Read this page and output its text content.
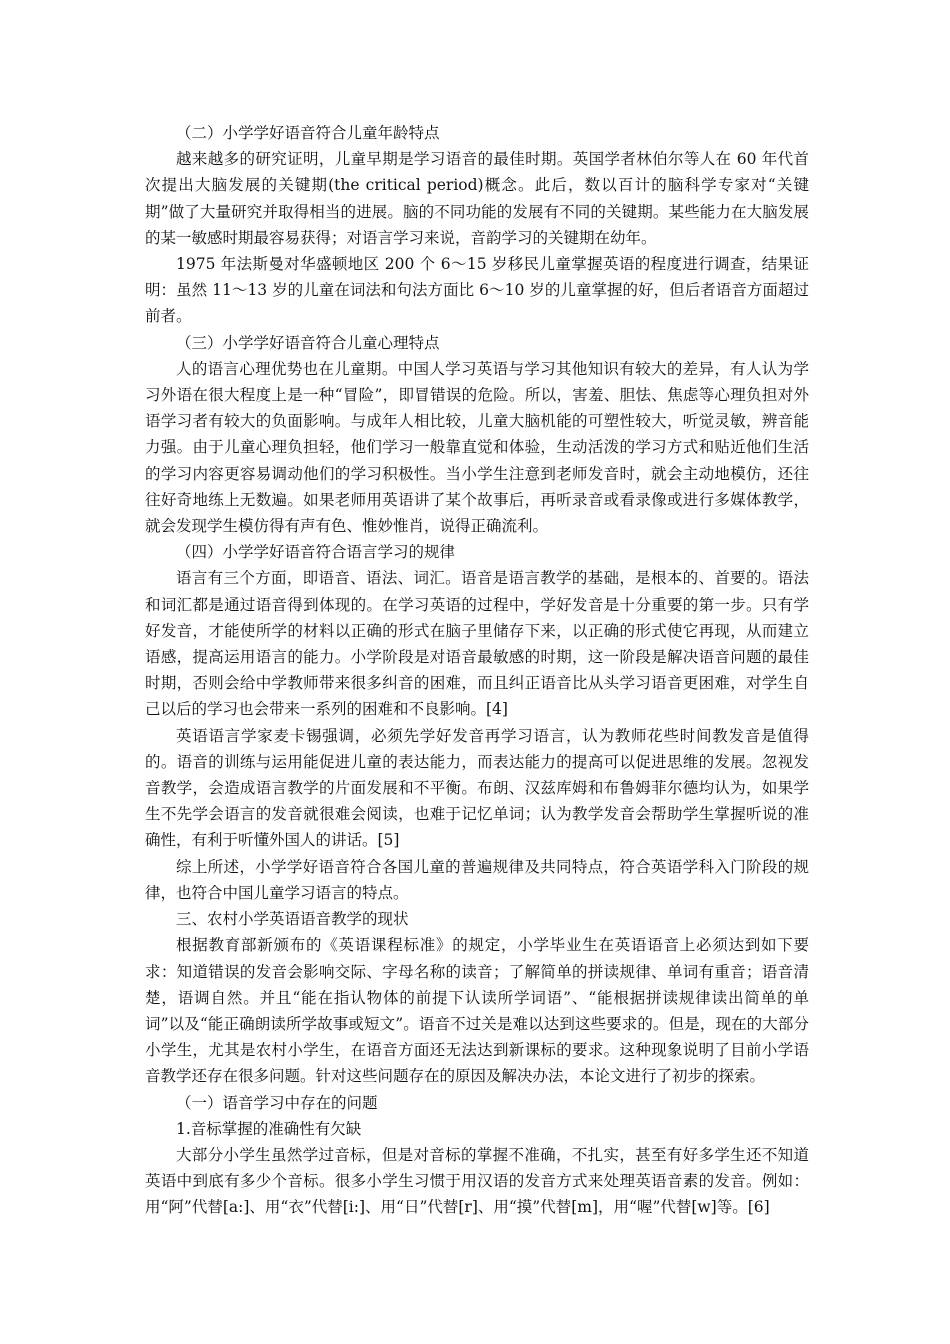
（二）小学学好语音符合儿童年龄特点

越来越多的研究证明，儿童早期是学习语音的最佳时期。英国学者林伯尔等人在 60 年代首次提出大脑发展的关键期(the critical period)概念。此后，数以百计的脑科学专家对“关键期”做了大量研究并取得相当的进展。脑的不同功能的发展有不同的关键期。某些能力在大脑发展的某一敏感时期最容易获得；对语言学习来说，音韵学习的关键期在幼年。

1975 年法斯曼对华盛顿地区 200 个 6～15 岁移民儿童掌握英语的程度进行调查，结果证明：虽然 11～13 岁的儿童在词法和句法方面比 6～10 岁的儿童掌握的好，但后者语音方面超过前者。

（三）小学学好语音符合儿童心理特点

人的语言心理优势也在儿童期。中国人学习英语与学习其他知识有较大的差异，有人认为学习外语在很大程度上是一种“冒险”，即冒错误的危险。所以，害羞、胆怯、焦虑等心理负担对外语学习者有较大的负面影响。与成年人相比较，儿童大脑机能的可塑性较大，听觉灵敏，辨音能力强。由于儿童心理负担轻，他们学习一般靠直觉和体验，生动活泼的学习方式和贴近他们生活的学习内容更容易调动他们的学习积极性。当小学生注意到老师发音时，就会主动地模仿，还往往好奇地练上无数遍。如果老师用英语讲了某个故事后，再听录音或看录像或进行多媒体教学，就会发现学生模仿得有声有色、惟妙惟肖，说得正确流利。

（四）小学学好语音符合语言学习的规律

语言有三个方面，即语音、语法、词汇。语音是语言教学的基础，是根本的、首要的。语法和词汇都是通过语音得到体现的。在学习英语的过程中，学好发音是十分重要的第一步。只有学好发音，才能使所学的材料以正确的形式在脑子里储存下来，以正确的形式使它再现，从而建立语感，提高运用语言的能力。小学阶段是对语音最敏感的时期，这一阶段是解决语音问题的最佳时期，否则会给中学教师带来很多纠音的困难，而且纠正语音比从头学习语音更困难，对学生自己以后的学习也会带来一系列的困难和不良影响。[4]

英语语言学家麦卡锡强调，必须先学好发音再学习语言，认为教师花些时间教发音是值得的。语音的训练与运用能促进儿童的表达能力，而表达能力的提高可以促进思维的发展。忽视发音教学，会造成语言教学的片面发展和不平衡。布朗、汉兹库姆和布鲁姆菲尔德均认为，如果学生不先学会语言的发音就很难会阅读，也难于记忆单词；认为教学发音会帮助学生掌握听说的准确性，有利于听懂外国人的讲话。[5]

综上所述，小学学好语音符合各国儿童的普遍规律及共同特点，符合英语学科入门阶段的规律，也符合中国儿童学习语言的特点。

三、农村小学英语语音教学的现状

根据教育部新颁布的《英语课程标准》的规定，小学毕业生在英语语音上必须达到如下要求：知道错误的发音会影响交际、字母名称的读音；了解简单的拼读规律、单词有重音；语音清楚，语调自然。并且“能在指认物体的前提下认读所学词语”、“能根据拼读规律读出简单的单词”以及“能正确朗读所学故事或短文”。语音不过关是难以达到这些要求的。但是，现在的大部分小学生，尤其是农村小学生，在语音方面还无法达到新课标的要求。这种现象说明了目前小学语音教学还存在很多问题。针对这些问题存在的原因及解决办法，本论文进行了初步的探索。

（一）语音学习中存在的问题

1.音标掌握的准确性有欠缺

大部分小学生虽然学过音标，但是对音标的掌握不准确，不扎实，甚至有好多学生还不知道英语中到底有多少个音标。很多小学生习惯于用汉语的发音方式来处理英语音素的发音。例如：用“阿”代替[a:]、用“衣”代替[i:]、用“日”代替[r]、用“摸”代替[m]，用“喔”代替[w]等。[6]
